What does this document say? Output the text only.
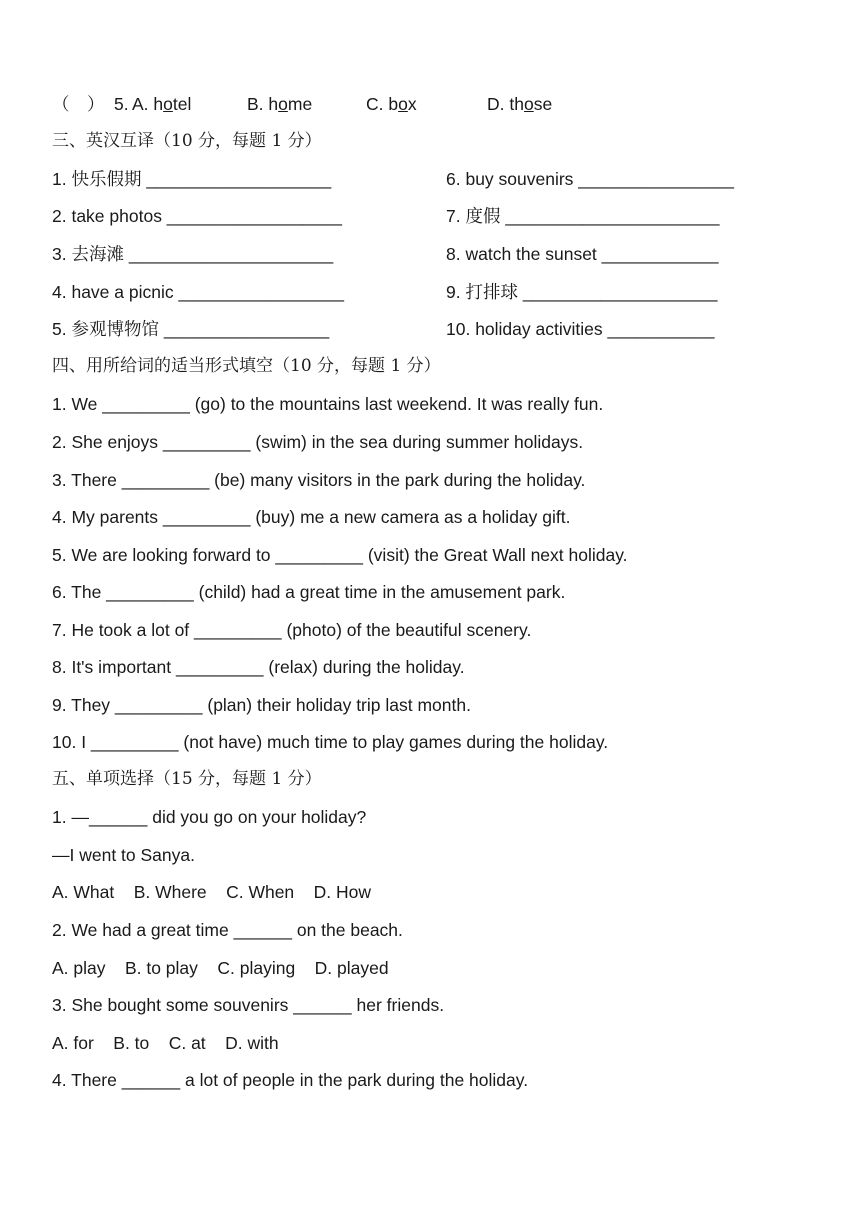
（　）

5.

A. hotel

	B. home

	C. box

	D. those

三、英汉互译（10 分，每题 1 分）
1. 快乐假期 ___________________	6. buy souvenirs ________________
2. take photos __________________	7. 度假 ______________________
3. 去海滩 _____________________	8. watch the sunset ____________
4. have a picnic _________________	9. 打排球 ____________________
5. 参观博物馆 _________________	10. holiday activities ___________
四、用所给词的适当形式填空（10 分，每题 1 分）
1. We _________ (go) to the mountains last weekend. It was really fun.
2. She enjoys _________ (swim) in the sea during summer holidays.
3. There _________ (be) many visitors in the park during the holiday.
4. My parents _________ (buy) me a new camera as a holiday gift.
5. We are looking forward to _________ (visit) the Great Wall next holiday.
6. The _________ (child) had a great time in the amusement park.
7. He took a lot of _________ (photo) of the beautiful scenery.
8. It's important _________ (relax) during the holiday.
9. They _________ (plan) their holiday trip last month.
10. I _________ (not have) much time to play games during the holiday.
五、单项选择（15 分，每题 1 分）
1. —______ did you go on your holiday?
—I went to Sanya.
A. What    B. Where    C. When    D. How
2. We had a great time ______ on the beach.
A. play    B. to play    C. playing    D. played
3. She bought some souvenirs ______ her friends.
A. for    B. to    C. at    D. with
4. There ______ a lot of people in the park during the holiday.
